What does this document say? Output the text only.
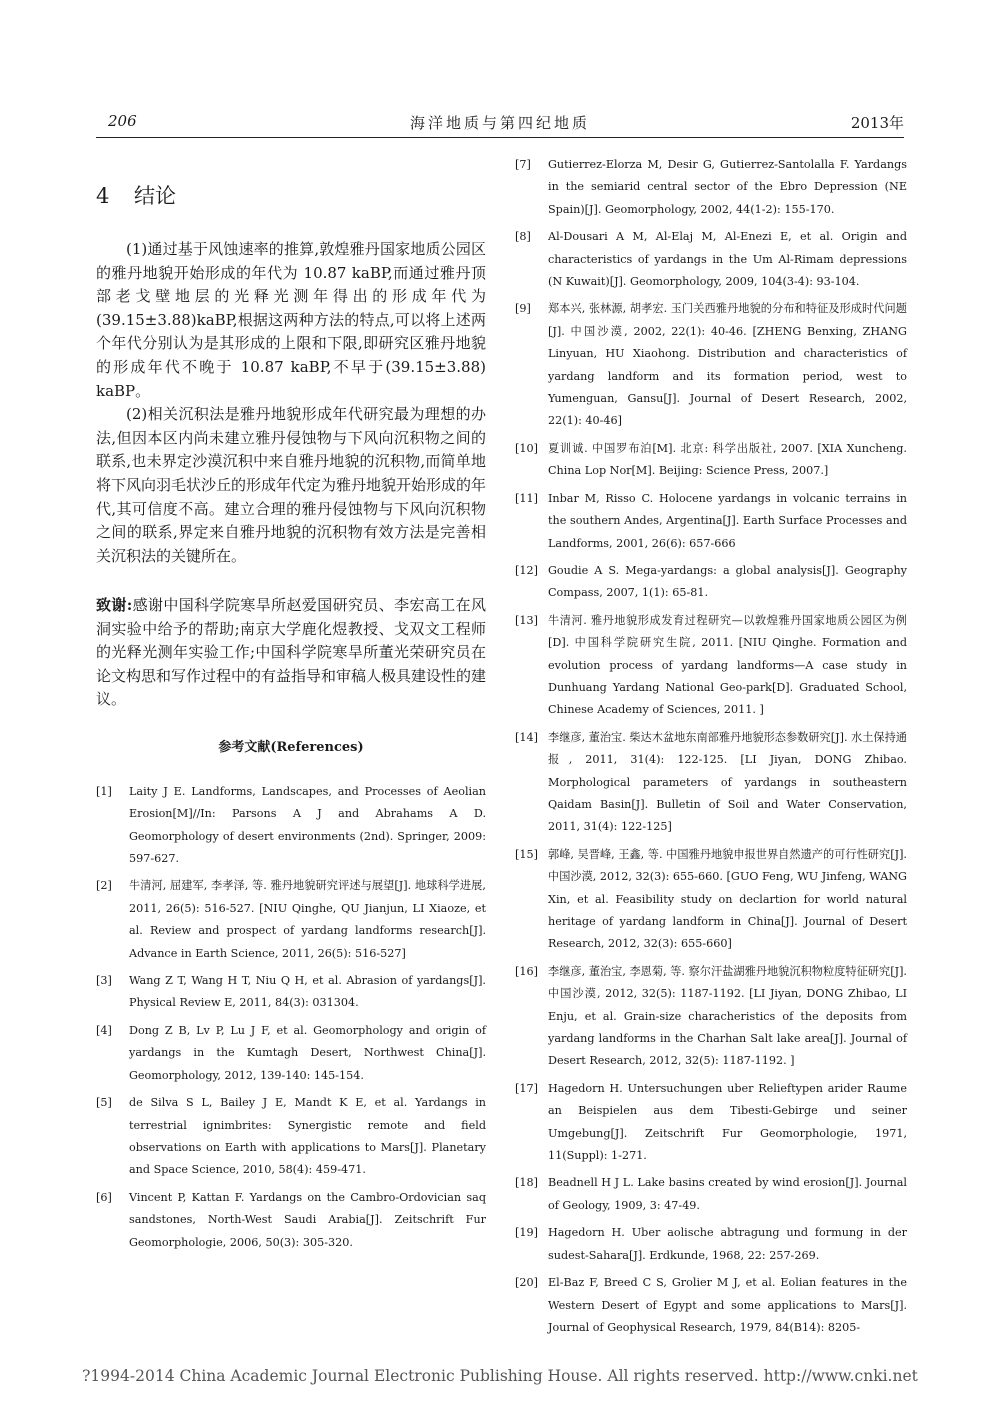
206	海洋地质与第四纪地质	2013年
4 结论

(1)通过基于风蚀速率的推算,敦煌雅丹国家地质公园区的雅丹地貌开始形成的年代为 10.87 kaBP,而通过雅丹顶部老戈壁地层的光释光测年得出的形成年代为(39.15±3.88)kaBP,根据这两种方法的特点,可以将上述两个年代分别认为是其形成的上限和下限,即研究区雅丹地貌的形成年代不晚于 10.87 kaBP,不早于(39.15±3.88) kaBP。

(2)相关沉积法是雅丹地貌形成年代研究最为理想的办法,但因本区内尚未建立雅丹侵蚀物与下风向沉积物之间的联系,也未界定沙漠沉积中来自雅丹地貌的沉积物,而简单地将下风向羽毛状沙丘的形成年代定为雅丹地貌开始形成的年代,其可信度不高。建立合理的雅丹侵蚀物与下风向沉积物之间的联系,界定来自雅丹地貌的沉积物有效方法是完善相关沉积法的关键所在。

致谢:感谢中国科学院寒旱所赵爱国研究员、李宏高工在风洞实验中给予的帮助;南京大学鹿化煜教授、戈双文工程师的光释光测年实验工作;中国科学院寒旱所董光荣研究员在论文构思和写作过程中的有益指导和审稿人极具建设性的建议。

参考文献(References)
[1]	Laity J E. Landforms, Landscapes, and Processes of Aeolian Erosion[M]//In: Parsons A J and Abrahams A D. Geomorphology of desert environments (2nd). Springer, 2009: 597-627.
[2]	牛清河, 屈建军, 李孝泽, 等. 雅丹地貌研究评述与展望[J]. 地球科学进展, 2011, 26(5): 516-527. [NIU Qinghe, QU Jianjun, LI Xiaoze, et al. Review and prospect of yardang landforms research[J]. Advance in Earth Science, 2011, 26(5): 516-527]
[3]	Wang Z T, Wang H T, Niu Q H, et al. Abrasion of yardangs[J]. Physical Review E, 2011, 84(3): 031304.
[4]	Dong Z B, Lv P, Lu J F, et al. Geomorphology and origin of yardangs in the Kumtagh Desert, Northwest China[J]. Geomorphology, 2012, 139-140: 145-154.
[5]	de Silva S L, Bailey J E, Mandt K E, et al. Yardangs in terrestrial ignimbrites: Synergistic remote and field observations on Earth with applications to Mars[J]. Planetary and Space Science, 2010, 58(4): 459-471.
[6]	Vincent P, Kattan F. Yardangs on the Cambro-Ordovician saq sandstones, North-West Saudi Arabia[J]. Zeitschrift Fur Geomorphologie, 2006, 50(3): 305-320.
[7]	Gutierrez-Elorza M, Desir G, Gutierrez-Santolalla F. Yardangs in the semiarid central sector of the Ebro Depression (NE Spain)[J]. Geomorphology, 2002, 44(1-2): 155-170.
[8]	Al-Dousari A M, Al-Elaj M, Al-Enezi E, et al. Origin and characteristics of yardangs in the Um Al-Rimam depressions (N Kuwait)[J]. Geomorphology, 2009, 104(3-4): 93-104.
[9]	郑本兴, 张林源, 胡孝宏. 玉门关西雅丹地貌的分布和特征及形成时代问题[J]. 中国沙漠, 2002, 22(1): 40-46. [ZHENG Benxing, ZHANG Linyuan, HU Xiaohong. Distribution and characteristics of yardang landform and its formation period, west to Yumenguan, Gansu[J]. Journal of Desert Research, 2002, 22(1): 40-46]
[10] 夏训诚. 中国罗布泊[M]. 北京: 科学出版社, 2007. [XIA Xuncheng. China Lop Nor[M]. Beijing: Science Press, 2007.]
[11] Inbar M, Risso C. Holocene yardangs in volcanic terrains in the southern Andes, Argentina[J]. Earth Surface Processes and Landforms, 2001, 26(6): 657-666
[12] Goudie A S. Mega-yardangs: a global analysis[J]. Geography Compass, 2007, 1(1): 65-81.
[13] 牛清河. 雅丹地貌形成发育过程研究—以敦煌雅丹国家地质公园区为例[D]. 中国科学院研究生院, 2011. [NIU Qinghe. Formation and evolution process of yardang landforms—A case study in Dunhuang Yardang National Geo-park[D]. Graduated School, Chinese Academy of Sciences, 2011. ]
[14] 李继彦, 董治宝. 柴达木盆地东南部雅丹地貌形态参数研究[J]. 水土保持通报, 2011, 31(4): 122-125. [LI Jiyan, DONG Zhibao. Morphological parameters of yardangs in southeastern Qaidam Basin[J]. Bulletin of Soil and Water Conservation, 2011, 31(4): 122-125]
[15] 郭峰, 吴晋峰, 王鑫, 等. 中国雅丹地貌申报世界自然遗产的可行性研究[J]. 中国沙漠, 2012, 32(3): 655-660. [GUO Feng, WU Jinfeng, WANG Xin, et al. Feasibility study on declartion for world natural heritage of yardang landform in China[J]. Journal of Desert Research, 2012, 32(3): 655-660]
[16] 李继彦, 董治宝, 李恩菊, 等. 察尔汗盐湖雅丹地貌沉积物粒度特征研究[J]. 中国沙漠, 2012, 32(5): 1187-1192. [LI Jiyan, DONG Zhibao, LI Enju, et al. Grain-size characheristics of the deposits from yardang landforms in the Charhan Salt lake area[J]. Journal of Desert Research, 2012, 32(5): 1187-1192. ]
[17] Hagedorn H. Untersuchungen uber Relieftypen arider Raume an Beispielen aus dem Tibesti-Gebirge und seiner Umgebung[J]. Zeitschrift Fur Geomorphologie, 1971, 11(Suppl): 1-271.
[18] Beadnell H J L. Lake basins created by wind erosion[J]. Journal of Geology, 1909, 3: 47-49.
[19] Hagedorn H. Uber aolische abtragung und formung in der sudest-Sahara[J]. Erdkunde, 1968, 22: 257-269.
[20] El-Baz F, Breed C S, Grolier M J, et al. Eolian features in the Western Desert of Egypt and some applications to Mars[J]. Journal of Geophysical Research, 1979, 84(B14): 8205-
?1994-2014 China Academic Journal Electronic Publishing House. All rights reserved. http://www.cnki.net
